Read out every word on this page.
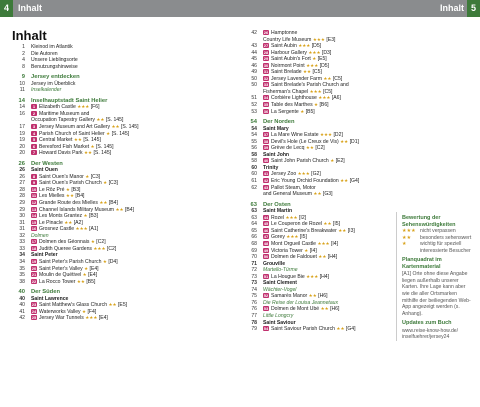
4	Inhalt	Inhalt 5
Inhalt
1 Kleinod im Atlantik
2 Die Autoren
4 Unsere Lieblingsorte
8 Benutzungshinweise
9 Jersey entdecken
10 Jersey im Überblick
11 Inselkalender
14 Inselhauptstadt Saint Helier
14	1 Elizabeth Castle ★★★ [F6]
16	2 Maritime Museum and
Occupation Tapestry Gallery ★★ [S. 145]
17	3 Jersey Museum and Art Gallery ★★ [S. 145]
19	4 Parish Church of Saint Helier ★ [S. 145]
19	5 Central Market ★★ [S. 145]
20	6 Beresford Fish Market ★ [S. 145]
20	7 Howard Davis Park ★★ [S. 145]
26 Der Westen
26 Saint Ouen
26	8 Saint Ouen's Manor ★ [C3]
27	9 Saint Ouen's Parish Church ★ [C3]
28 10 Le Rôz Pré ★ [B3]
28 11 Les Mielles ★★ [B4]
29 12 Grande Route des Mielles ★★ [B4]
29 13 Channel Islands Military Museum ★★ [B4]
30 14 Les Monts Grantez ★ [B3]
31 15 Le Pinacle ★★ [A2]
31 16 Grosnez Castle ★★★ [A1]
32 Dolmen
33 17 Dolmen des Géonnais ★ [C2]
33 18 Judith Queree Gardens ★★★ [C2]
34 Saint Peter
34 19 Saint Peter's Parish Church ★ [D4]
35 20 Saint Peter's Valley ★ [E4]
35 21 Moulin de Quétivel ★ [E4]
38 22 La Rocco Tower ★★ [B5]
40 Der Süden
40 Saint Lawrence
40 23 Saint Matthew's Glass Church ★★ [E5]
41 24 Waterworks Valley ★ [F4]
42 25 Jersey War Tunnels ★★★ [E4]
42 26 Hamptonne
Country Life Museum ★★★ [E3]
43 27 Saint Aubin ★★★ [D5]
44 28 Harbour Gallery ★★★ [D3]
45 29 Saint Aubin's Fort ★ [E5]
46 30 Noirmont Point ★★★ [D5]
49 31 Saint Brelade ★★ [C5]
50 32 Jersey Lavender Farm ★★ [C5]
50 33 Saint Brelade's Parish Church and
Fisherman's Chapel ★★★ [C5]
51 34 Corbière Lighthouse ★★★ [A6]
52 35 Table des Marthes ★ [B6]
53 36 La Sergente ★ [B5]
54 Der Norden
54 Saint Mary
54 37 La Mare Wine Estate ★★★ [D2]
55 38 Devil's Hole (Le Creux de Vis) ★★ [D1]
56 39 Grève de Lecq ★★ [C2]
58 Saint John
58 40 Saint John Parish Church ★ [E2]
60 Trinity
60 41 Jersey Zoo ★★★ [G2]
61 42 Eric Young Orchid Foundation ★★ [G4]
62 43 Pallot Steam, Motor
and General Museum ★★ [G3]
63 Der Osten
63 Saint Martin
63 44 Rozel ★★★ [I2]
64 45 Le Couperon de Rozel ★★ [I5]
65 46 Saint Catherine's Breakwater ★★ [I3]
66 47 Gorey ★★★ [I5]
68 48 Mont Orgueil Castle ★★★ [I4]
69 49 Victoria Tower ★ [I4]
70 50 Dolmen de Faldouet ★★ [H4]
71 Grouville
72 Martello-Türme
73 51 La Hougue Bie ★★★ [H4]
73 Saint Clement
74 Wächter-Vogel
75 52 Samarès Manor ★★ [H6]
76 Die Reise der Louisa Jeannetaux
76 53 Dolmen de Mont Ubé ★★ [H6]
77 Little Longcry
78 Saint Saviour
79 54 Saint Saviour Parish Church ★★ [G4]
Bewertung der Sehenswürdigkeiten
★★★ nicht verpassen
★★	besonders sehenswert
★	wichtig für speziell interessierte Besucher
Planquadrat im Kartenmaterial

[A1] Orte ohne diese Angabe liegen außerhalb unserer Karten. Ihre Lage kann aber wie die aller Ortsmarken mithilfe der beiliegenden Web-App angezeigt werden (s. Anhang).

Updates zum Buch

www.reise-know-how.de/ inselfuehrer/jersey24
